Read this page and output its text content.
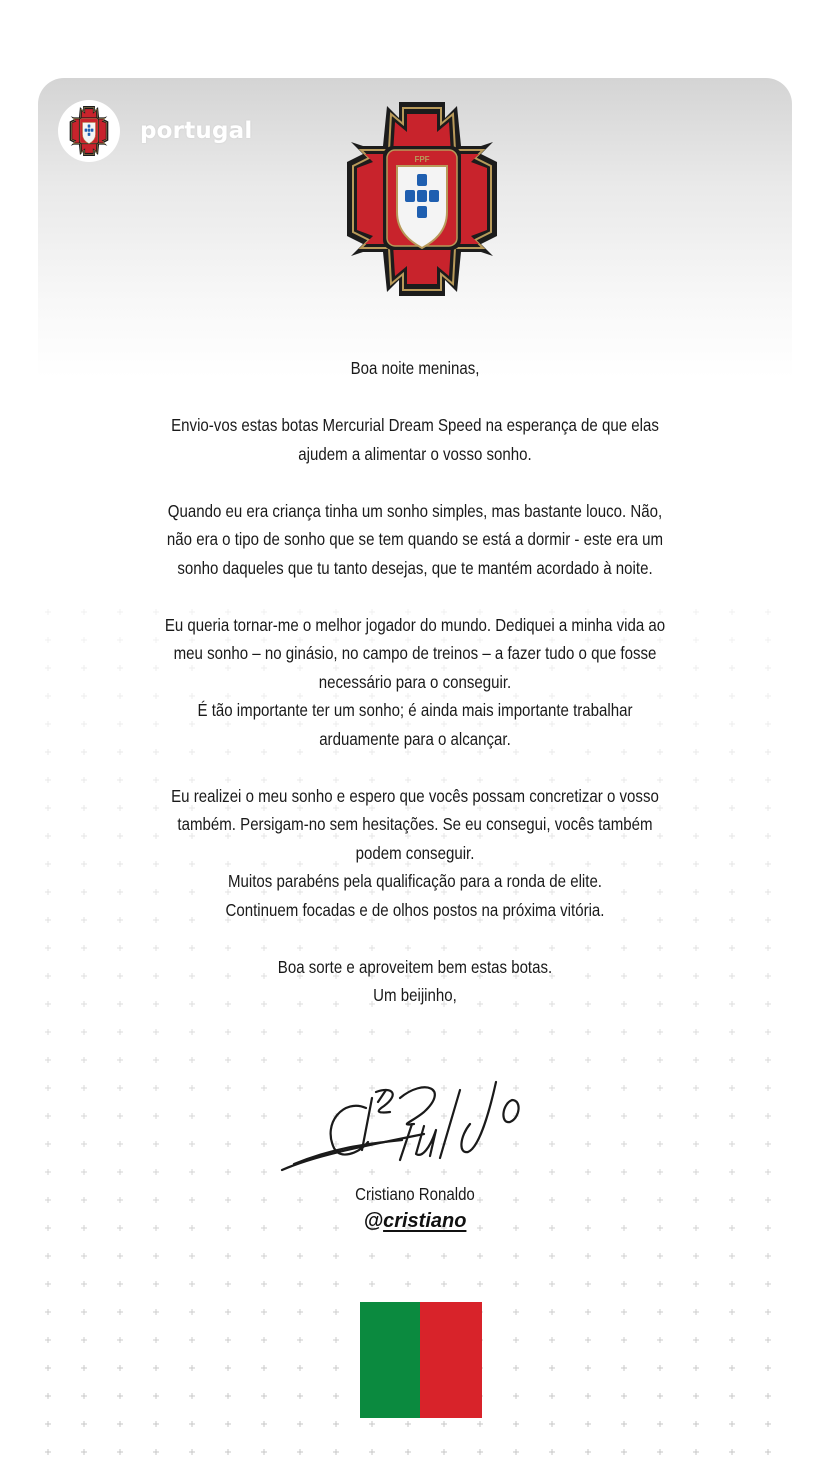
portugal
FPF

Boa noite meninas,

Envio-vos estas botas Mercurial Dream Speed na esperança de que elas
ajudem a alimentar o vosso sonho.

Quando eu era criança tinha um sonho simples, mas bastante louco. Não,
não era o tipo de sonho que se tem quando se está a dormir - este era um
sonho daqueles que tu tanto desejas, que te mantém acordado à noite.

Eu queria tornar-me o melhor jogador do mundo. Dediquei a minha vida ao
meu sonho – no ginásio, no campo de treinos – a fazer tudo o que fosse
necessário para o conseguir.
É tão importante ter um sonho; é ainda mais importante trabalhar
arduamente para o alcançar.

Eu realizei o meu sonho e espero que vocês possam concretizar o vosso
também. Persigam-no sem hesitações. Se eu consegui, vocês também
podem conseguir.
Muitos parabéns pela qualificação para a ronda de elite.
Continuem focadas e de olhos postos na próxima vitória.

Boa sorte e aproveitem bem estas botas.
Um beijinho,

Cristiano Ronaldo
@cristiano
